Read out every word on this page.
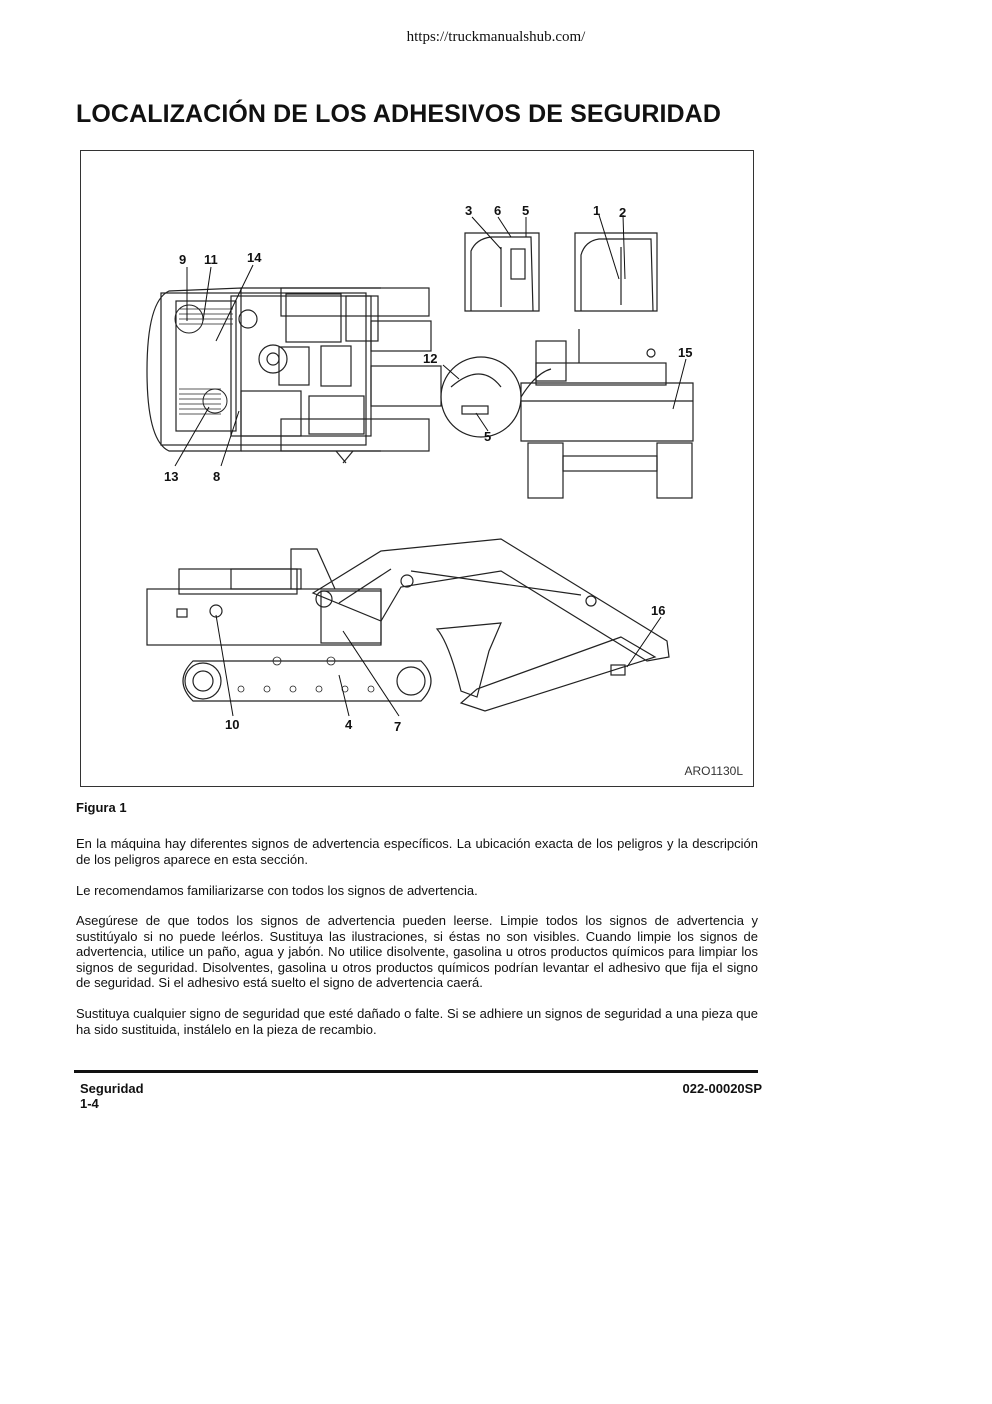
https://truckmanualshub.com/
LOCALIZACIÓN DE LOS ADHESIVOS DE SEGURIDAD
9 11 14
13	8
3 6 5	1 2
12
5
15
10	4	7
16
ARO1130L
Figura 1

En la máquina hay diferentes signos de advertencia específicos. La ubicación exacta de los peligros y la descripción de los peligros aparece en esta sección.

Le recomendamos familiarizarse con todos los signos de advertencia.

Asegúrese de que todos los signos de advertencia pueden leerse. Limpie todos los signos de advertencia y sustitúyalo si no puede leérlos. Sustituya las ilustraciones, si éstas no son visibles. Cuando limpie los signos de advertencia, utilice un paño, agua y jabón. No utilice disolvente, gasolina u otros productos químicos para limpiar los signos de seguridad. Disolventes, gasolina u otros productos químicos podrían levantar el adhesivo que fija el signo de seguridad. Si el adhesivo está suelto el signo de advertencia caerá.

Sustituya cualquier signo de seguridad que esté dañado o falte. Si se adhiere un signos de seguridad a una pieza que ha sido sustituida, instálelo en la pieza de recambio.

Seguridad
1-4
022-00020SP
